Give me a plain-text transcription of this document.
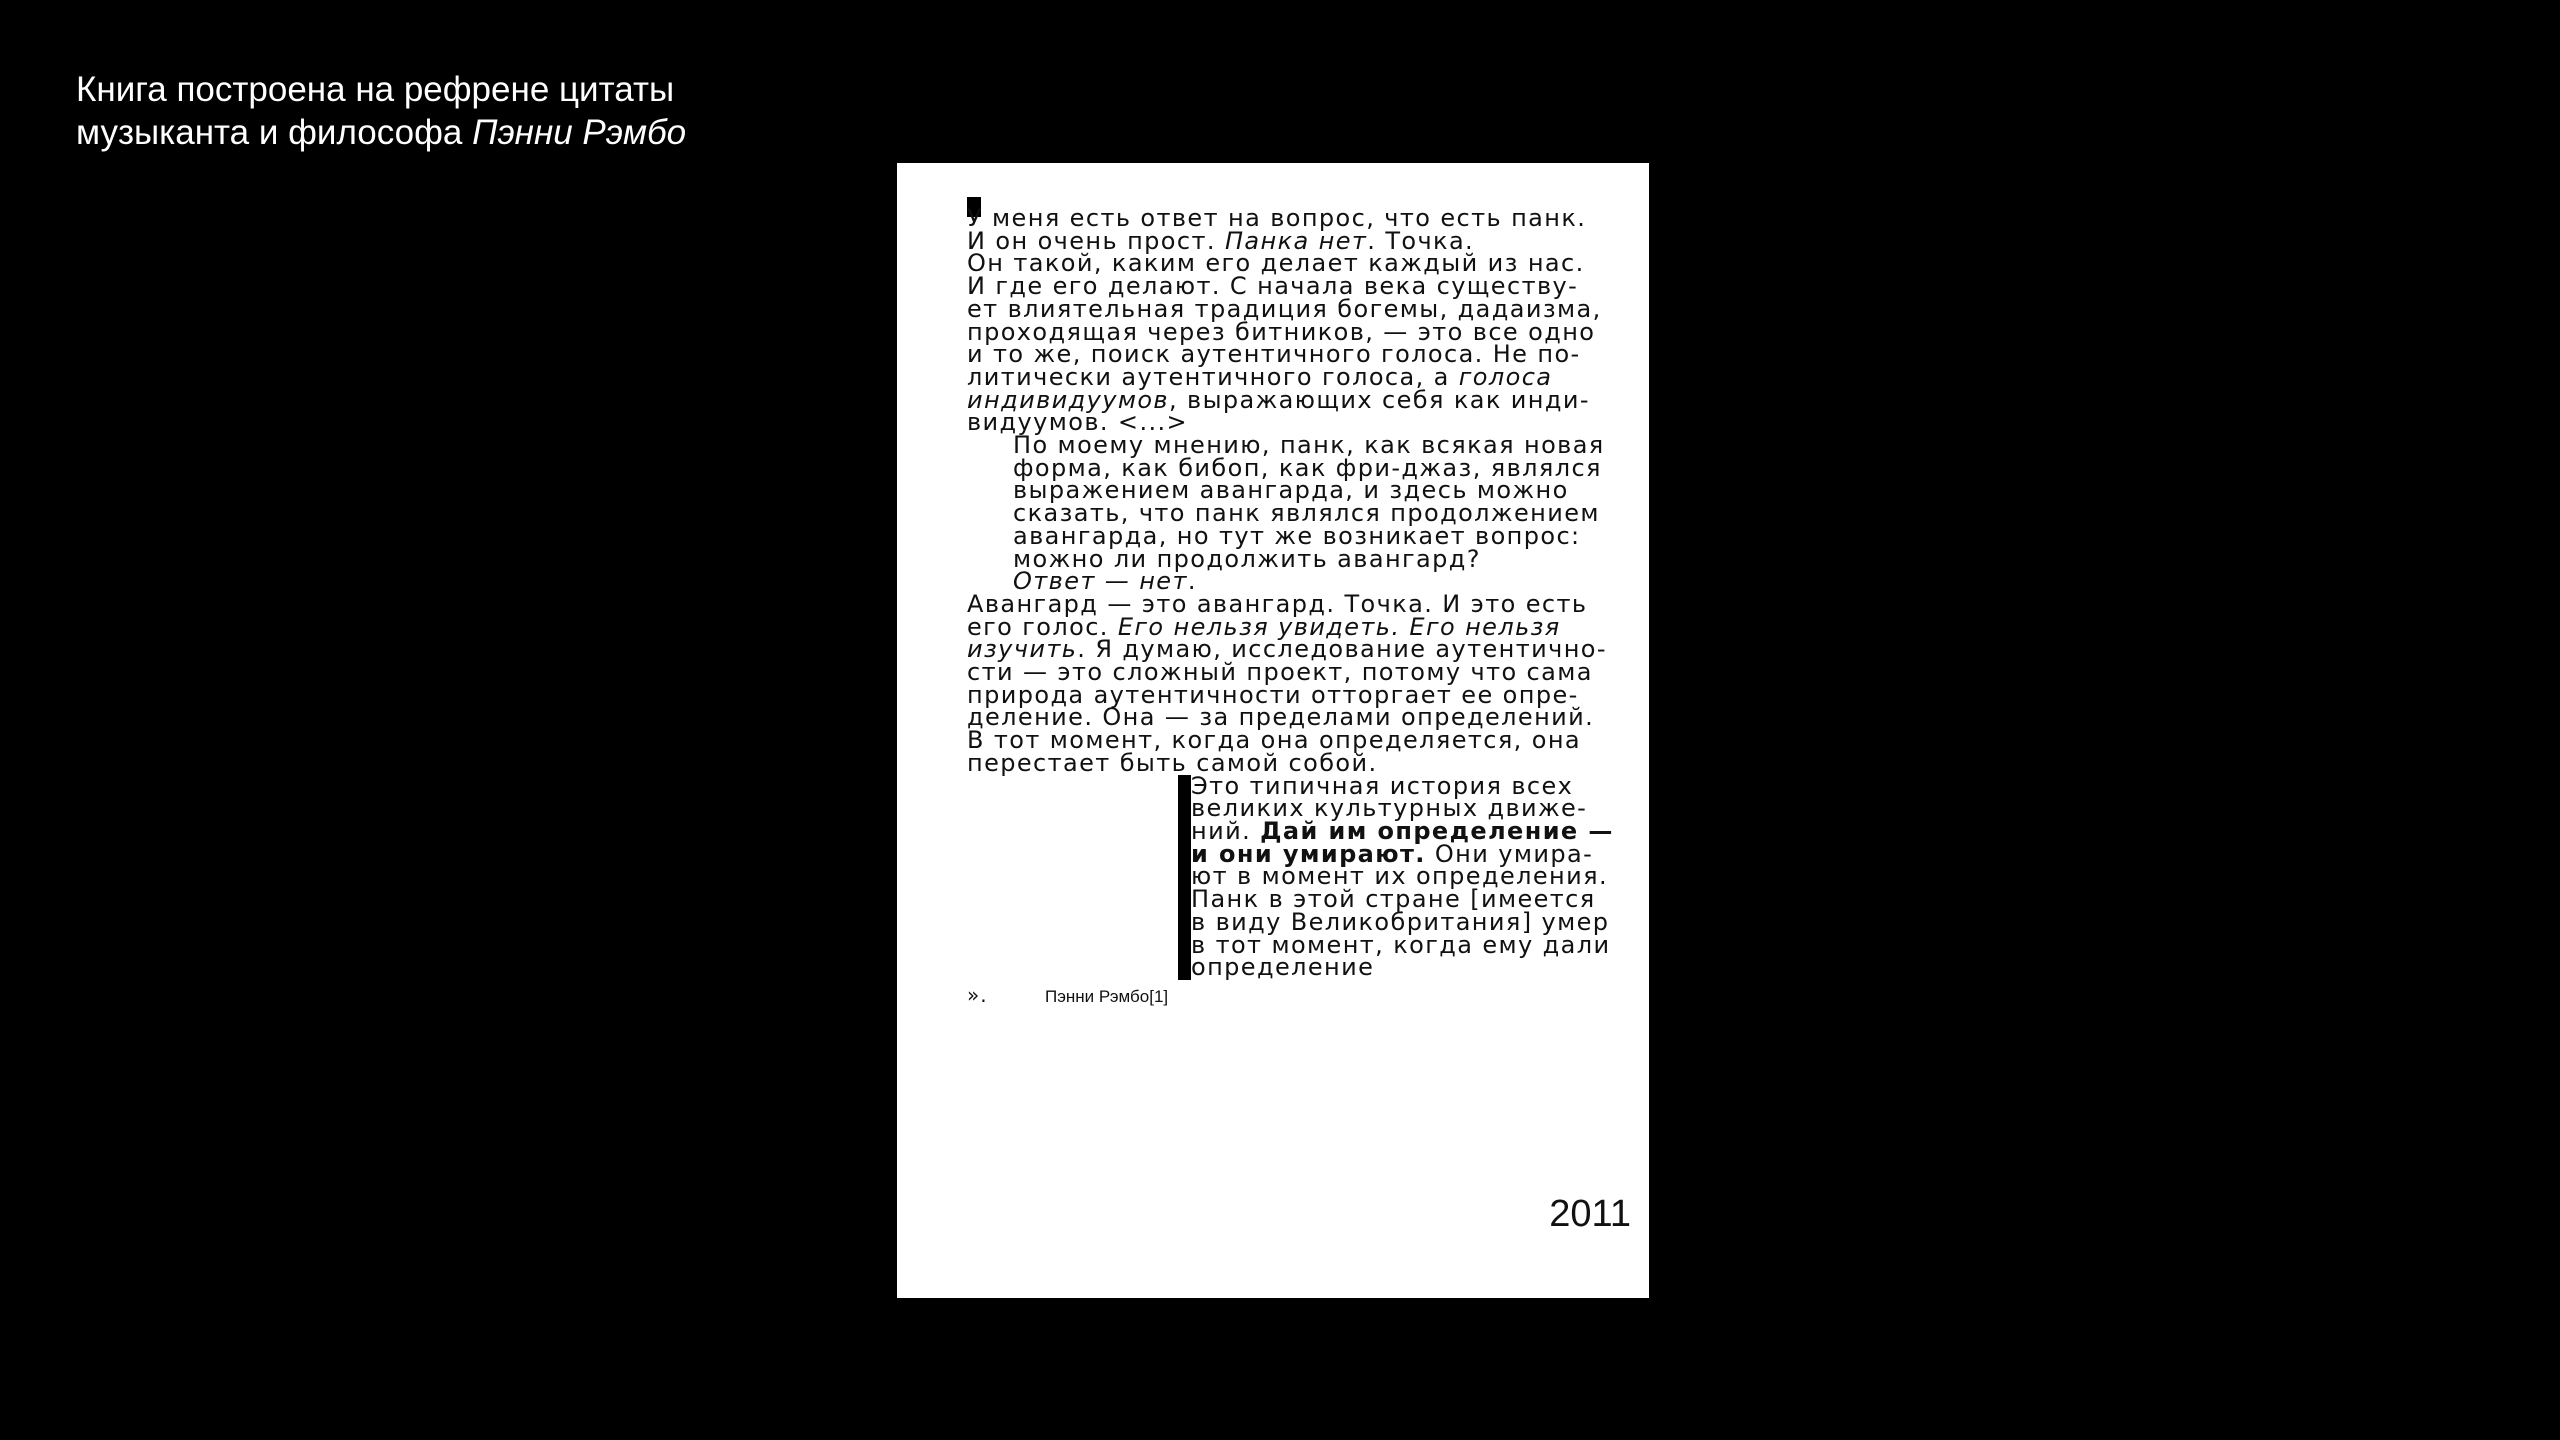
Книга построена на рефрене цитаты
музыканта и философа Пэнни Рэмбо
У меня есть ответ на вопрос, что есть панк.
И он очень прост. Панка нет. Точка.
Он такой, каким его делает каждый из нас.
И где его делают. С начала века существу-
ет влиятельная традиция богемы, дадаизма,
проходящая через битников, — это все одно
и то же, поиск аутентичного голоса. Не по-
литически аутентичного голоса, а голоса
индивидуумов, выражающих себя как инди-
видуумов. <...>
По моему мнению, панк, как всякая новая
форма, как бибоп, как фри-джаз, являлся
выражением авангарда, и здесь можно
сказать, что панк являлся продолжением
авангарда, но тут же возникает вопрос:
можно ли продолжить авангард?
Ответ — нет.
Авангард — это авангард. Точка. И это есть
его голос. Его нельзя увидеть. Его нельзя
изучить. Я думаю, исследование аутентично-
сти — это сложный проект, потому что сама
природа аутентичности отторгает ее опре-
деление. Она — за пределами определений.
В тот момент, когда она определяется, она
перестает быть самой собой.
Это типичная история всех
великих культурных движе-
ний. Дай им определение —
и они умирают. Они умира-
ют в момент их определения.
Панк в этой стране [имеется
в виду Великобритания] умер
в тот момент, когда ему дали
определение
».	Пэнни Рэмбо[1]
2011
